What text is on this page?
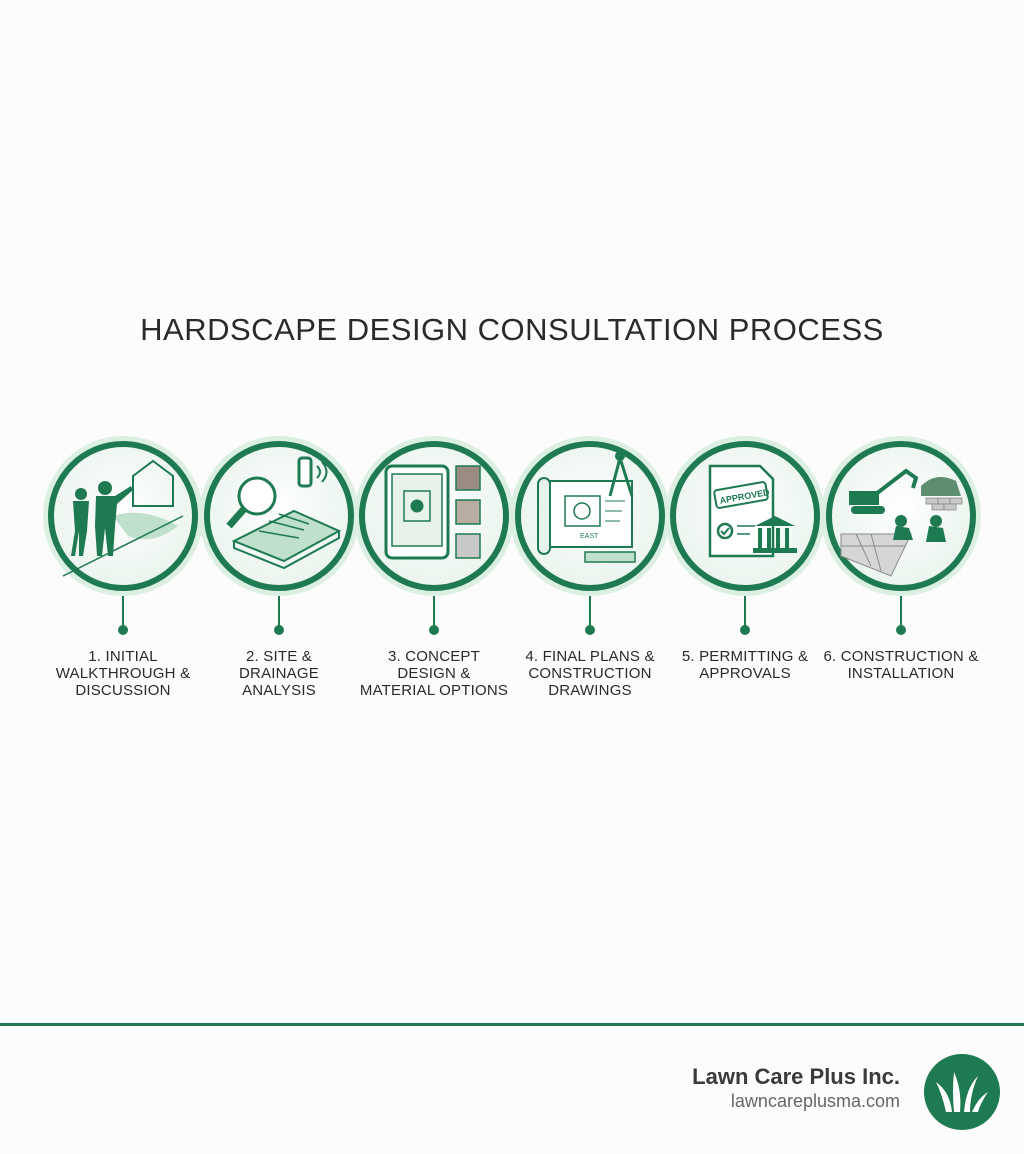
HARDSCAPE DESIGN CONSULTATION PROCESS
EAST
APPROVED
1. INITIAL WALKTHROUGH & DISCUSSION
2. SITE & DRAINAGE ANALYSIS
3. CONCEPT DESIGN & MATERIAL OPTIONS
4. FINAL PLANS & CONSTRUCTION DRAWINGS
5. PERMITTING & APPROVALS
6. CONSTRUCTION & INSTALLATION
Lawn Care Plus Inc.
lawncareplusma.com
